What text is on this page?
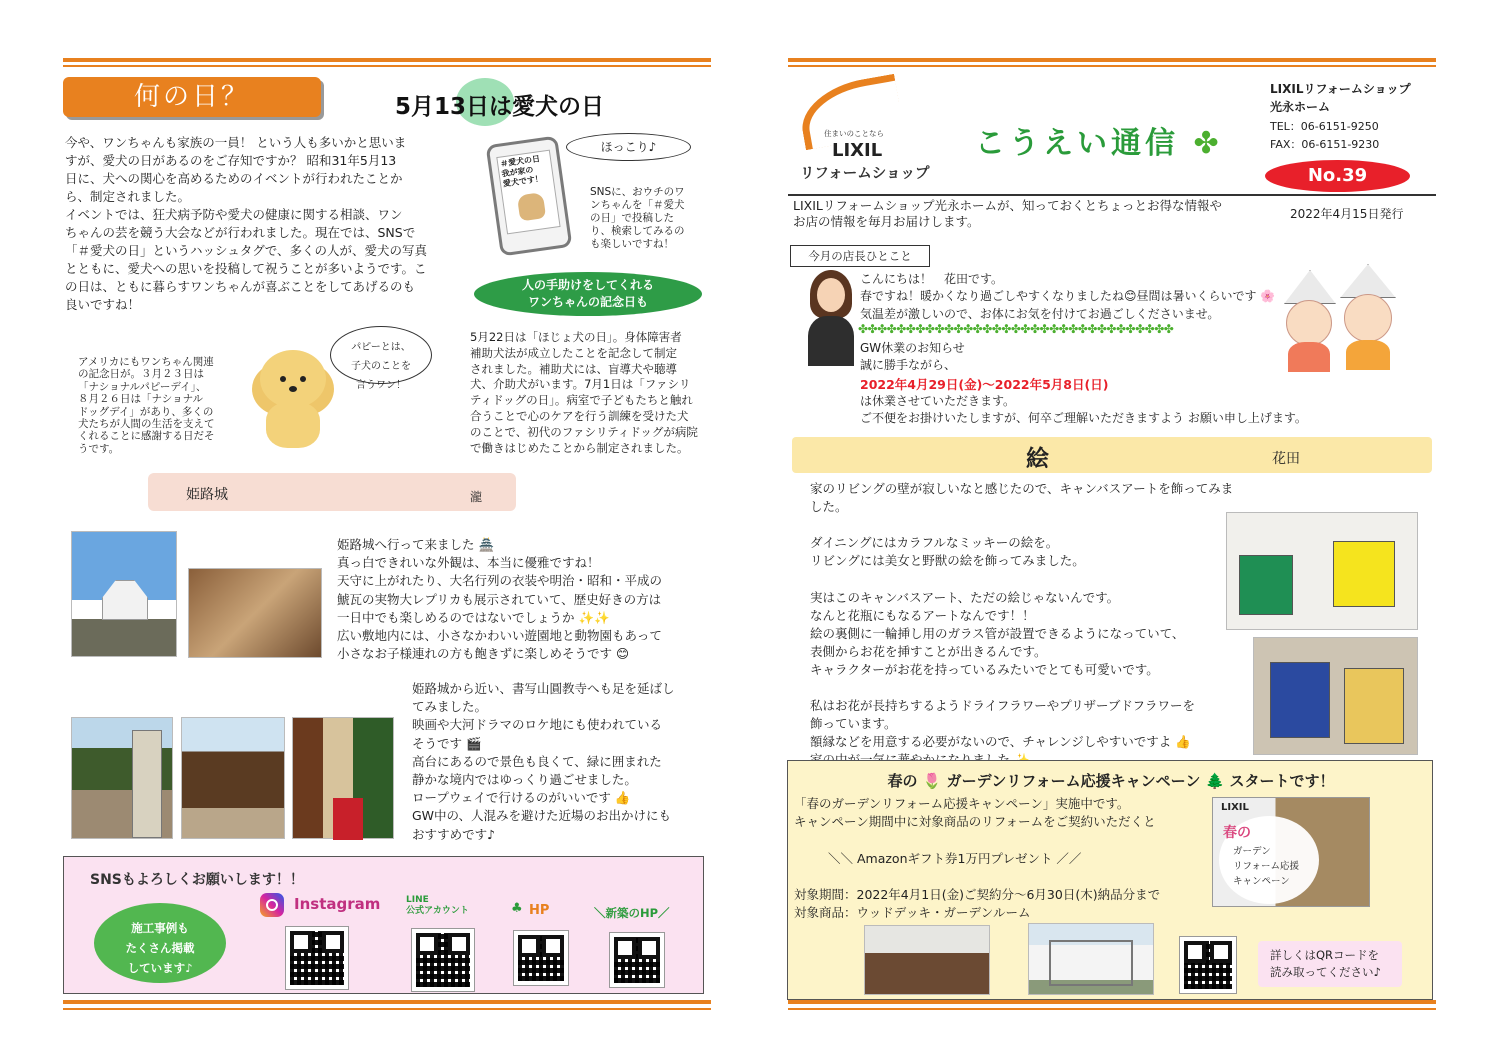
何の日？	5月13日は愛犬の日
今や、ワンちゃんも家族の一員！ という人も多いかと思いま
すが、愛犬の日があるのをご存知ですか？ 昭和31年5月13
日に、犬への関心を高めるためのイベントが行われたことか
ら、制定されました。
イベントでは、狂犬病予防や愛犬の健康に関する相談、ワン
ちゃんの芸を競う大会などが行われました。現在では、SNSで
「＃愛犬の日」というハッシュタグで、多くの人が、愛犬の写真
とともに、愛犬への思いを投稿して祝うことが多いようです。こ
の日は、ともに暮らすワンちゃんが喜ぶことをしてあげるのも
良いですね！
＃愛犬の日
我が家の
愛犬です！
ほっこり♪
SNSに、おウチのワ
ンちゃんを「＃愛犬
の日」で投稿した
り、検索してみるの
も楽しいですね！
人の手助けをしてくれる
ワンちゃんの記念日も
5月22日は「ほじょ犬の日」。身体障害者
補助犬法が成立したことを記念して制定
されました。補助犬には、盲導犬や聴導
犬、介助犬がいます。7月1日は「ファシリ
ティドッグの日」。病室で子どもたちと触れ
合うことで心のケアを行う訓練を受けた犬
のことで、初代のファシリティドッグが病院
で働きはじめたことから制定されました。
パピーとは、
子犬のことを
言うワン！
アメリカにもワンちゃん関連
の記念日が。３月２３日は
「ナショナルパピーデイ」、
８月２６日は「ナショナル
ドッグデイ」があり、多くの
犬たちが人間の生活を支えて
くれることに感謝する日だそ
うです。
姫路城	瀧
姫路城へ行って来ました 🏯
真っ白できれいな外観は、本当に優雅ですね！
天守に上がれたり、大名行列の衣装や明治・昭和・平成の
鯱瓦の実物大レプリカも展示されていて、歴史好きの方は
一日中でも楽しめるのではないでしょうか ✨✨
広い敷地内には、小さなかわいい遊園地と動物園もあって
小さなお子様連れの方も飽きずに楽しめそうです 😊
姫路城から近い、書写山圓教寺へも足を延ばし
てみました。
映画や大河ドラマのロケ地にも使われている
そうです 🎬
高台にあるので景色も良くて、緑に囲まれた
静かな境内ではゆっくり過ごせました。
ロープウェイで行けるのがいいです 👍
GW中の、人混みを避けた近場のお出かけにも
おすすめです♪
SNSもよろしくお願いします！！
施工事例も
たくさん掲載
しています♪
Instagram	LINE
公式アカウント	♣ HP	＼新築のHP／
住まいのことなら
LIXIL
リフォームショップ
こうえい通信 ✤
LIXILリフォームショップ
光永ホーム
TEL：06-6151-9250
FAX：06-6151-9230
No.39
LIXILリフォームショップ光永ホームが、知っておくとちょっとお得な情報や
お店の情報を毎月お届けします。	2022年4月15日発行
今月の店長ひとこと
こんにちは！　花田です。
春ですね！暖かくなり過ごしやすくなりましたね😊昼間は暑いくらいです 🌸
気温差が激しいので、お体にお気を付けてお過ごしくださいませ。
✤✤✤✤✤✤✤✤✤✤✤✤✤✤✤✤✤✤✤✤✤✤✤✤✤✤✤✤✤✤✤✤✤
GW休業のお知らせ
誠に勝手ながら、
2022年4月29日(金)～2022年5月8日(日)
は休業させていただきます。
ご不便をお掛けいたしますが、何卒ご理解いただきますよう お願い申し上げます。
絵	花田
家のリビングの壁が寂しいなと感じたので、キャンバスアートを飾ってみました。

ダイニングにはカラフルなミッキーの絵を。
リビングには美女と野獣の絵を飾ってみました。

実はこのキャンバスアート、ただの絵じゃないんです。
なんと花瓶にもなるアートなんです！！
絵の裏側に一輪挿し用のガラス管が設置できるようになっていて、
表側からお花を挿すことが出きるんです。
キャラクターがお花を持っているみたいでとても可愛いです。

私はお花が長持ちするようドライフラワーやプリザーブドフラワーを
飾っています。
額縁などを用意する必要がないので、チャレンジしやすいですよ 👍

春の 🌷 ガーデンリフォーム応援キャンペーン 🌲 スタートです！
「春のガーデンリフォーム応援キャンペーン」実施中です。
キャンペーン期間中に対象商品のリフォームをご契約いただくと
＼＼ Amazonギフト券1万円プレゼント ／／
対象期間：2022年4月1日(金)ご契約分～6月30日(木)納品分まで
対象商品：ウッドデッキ・ガーデンルーム
LIXIL
春の
ガーデン
リフォーム応援
キャンペーン
詳しくはQRコードを
読み取ってください♪
